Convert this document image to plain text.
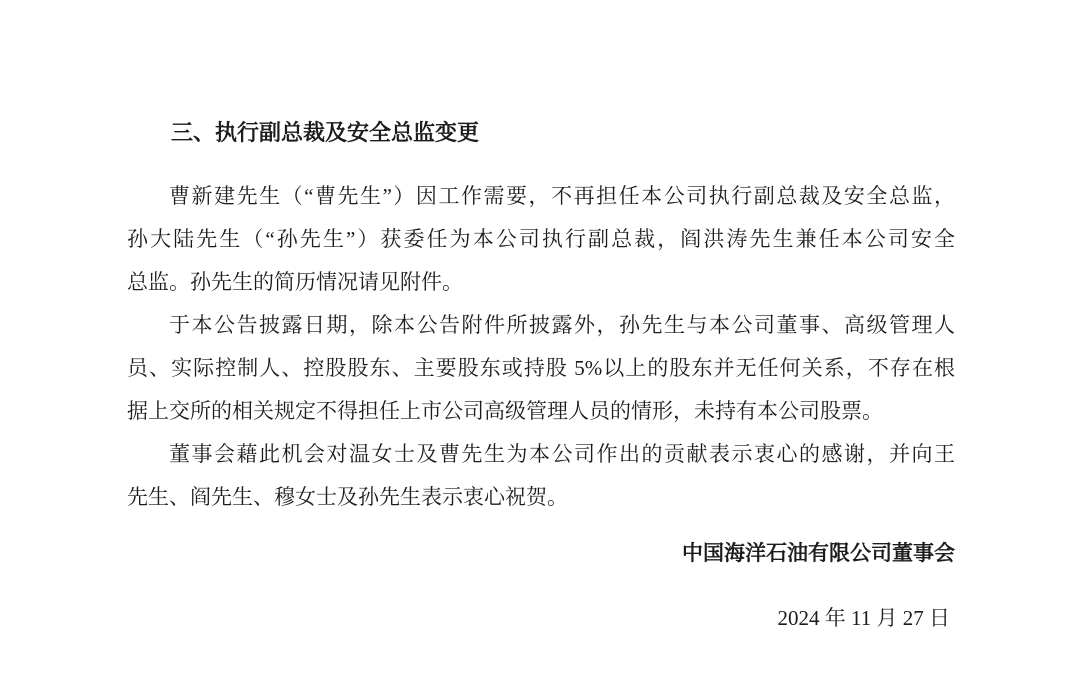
三、执行副总裁及安全总监变更
曹新建先生（“曹先生”）因工作需要，不再担任本公司执行副总裁及安全总监，
孙大陆先生（“孙先生”）获委任为本公司执行副总裁，阎洪涛先生兼任本公司安全
总监。孙先生的简历情况请见附件。
于本公告披露日期，除本公告附件所披露外，孙先生与本公司董事、高级管理人
员、实际控制人、控股股东、主要股东或持股 5%以上的股东并无任何关系，不存在根
据上交所的相关规定不得担任上市公司高级管理人员的情形，未持有本公司股票。
董事会藉此机会对温女士及曹先生为本公司作出的贡献表示衷心的感谢，并向王
先生、阎先生、穆女士及孙先生表示衷心祝贺。
中国海洋石油有限公司董事会
2024 年 11 月 27 日
